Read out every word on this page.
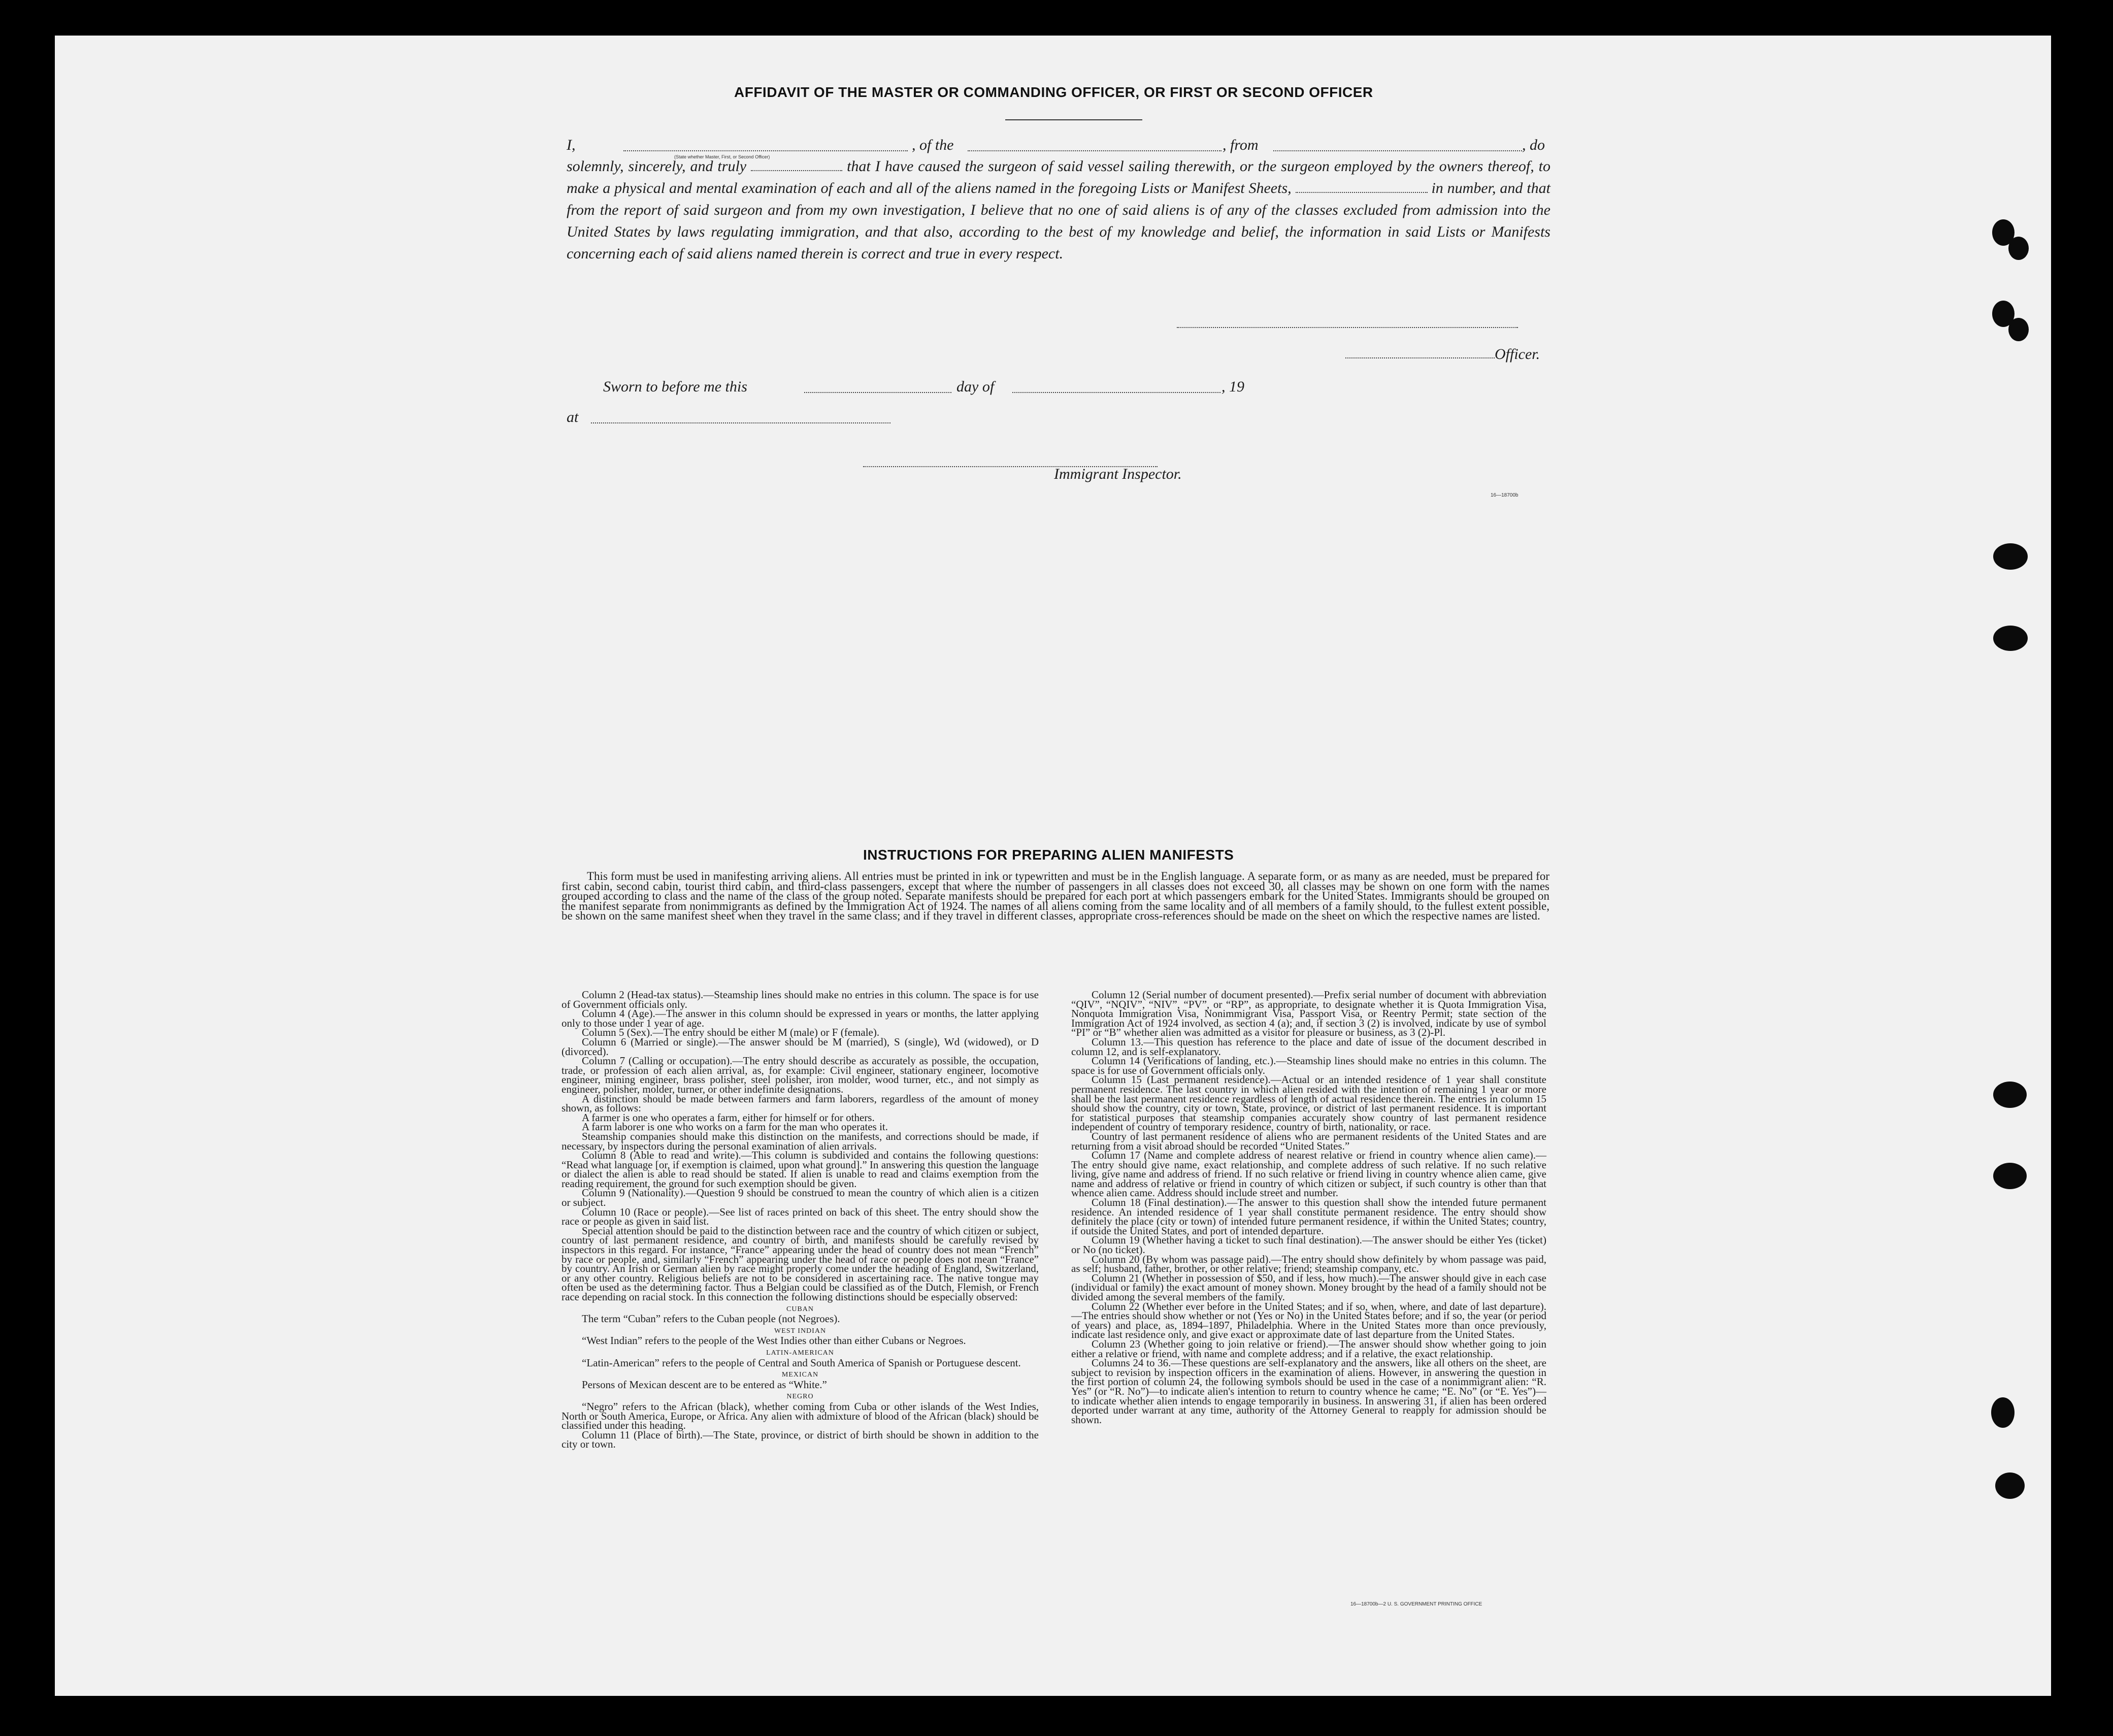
AFFIDAVIT OF THE MASTER OR COMMANDING OFFICER, OR FIRST OR SECOND OFFICER
I,	, of the	, from	, do
(State whether Master, First, or Second Officer)

solemnly, sincerely, and truly	that I have caused the surgeon of said vessel sailing therewith, or the surgeon employed by the owners thereof, to make a physical and mental examination of each and all of the aliens named in the foregoing Lists or Manifest Sheets,	in number, and that from the report of said surgeon and from my own investigation, I believe that no one of said aliens is of any of the classes excluded from admission into the United States by laws regulating immigration, and that also, according to the best of my knowledge and belief, the information in said Lists or Manifests concerning each of said aliens named therein is correct and true in every respect.

Officer.
Sworn to before me this	day of	, 19
at
Immigrant Inspector.
16—18700b
INSTRUCTIONS FOR PREPARING ALIEN MANIFESTS

This form must be used in manifesting arriving aliens. All entries must be printed in ink or typewritten and must be in the English language. A separate form, or as many as are needed, must be prepared for first cabin, second cabin, tourist third cabin, and third-class passengers, except that where the number of passengers in all classes does not exceed 30, all classes may be shown on one form with the names grouped according to class and the name of the class of the group noted. Separate manifests should be prepared for each port at which passengers embark for the United States. Immigrants should be grouped on the manifest separate from nonimmigrants as defined by the Immigration Act of 1924. The names of all aliens coming from the same locality and of all members of a family should, to the fullest extent possible, be shown on the same manifest sheet when they travel in the same class; and if they travel in different classes, appropriate cross-references should be made on the sheet on which the respective names are listed.

Column 2 (Head-tax status).—Steamship lines should make no entries in this column. The space is for use of Government officials only.

Column 4 (Age).—The answer in this column should be expressed in years or months, the latter applying only to those under 1 year of age.

Column 5 (Sex).—The entry should be either M (male) or F (female).

Column 6 (Married or single).—The answer should be M (married), S (single), Wd (widowed), or D (divorced).

Column 7 (Calling or occupation).—The entry should describe as accurately as possible, the occupation, trade, or profession of each alien arrival, as, for example: Civil engineer, stationary engineer, locomotive engineer, mining engineer, brass polisher, steel polisher, iron molder, wood turner, etc., and not simply as engineer, polisher, molder, turner, or other indefinite designations.

A distinction should be made between farmers and farm laborers, regardless of the amount of money shown, as follows:

A farmer is one who operates a farm, either for himself or for others.

A farm laborer is one who works on a farm for the man who operates it.

Steamship companies should make this distinction on the manifests, and corrections should be made, if necessary, by inspectors during the personal examination of alien arrivals.

Column 8 (Able to read and write).—This column is subdivided and contains the following questions: “Read what language [or, if exemption is claimed, upon what ground].” In answering this question the language or dialect the alien is able to read should be stated. If alien is unable to read and claims exemption from the reading requirement, the ground for such exemption should be given.

Column 9 (Nationality).—Question 9 should be construed to mean the country of which alien is a citizen or subject.

Column 10 (Race or people).—See list of races printed on back of this sheet. The entry should show the race or people as given in said list.

Special attention should be paid to the distinction between race and the country of which citizen or subject, country of last permanent residence, and country of birth, and manifests should be carefully revised by inspectors in this regard. For instance, “France” appearing under the head of country does not mean “French” by race or people, and, similarly “French” appearing under the head of race or people does not mean “France” by country. An Irish or German alien by race might properly come under the heading of England, Switzerland, or any other country. Religious beliefs are not to be considered in ascertaining race. The native tongue may often be used as the determining factor. Thus a Belgian could be classified as of the Dutch, Flemish, or French race depending on racial stock. In this connection the following distinctions should be especially observed:

CUBAN

The term “Cuban” refers to the Cuban people (not Negroes).

WEST INDIAN

“West Indian” refers to the people of the West Indies other than either Cubans or Negroes.

LATIN-AMERICAN

“Latin-American” refers to the people of Central and South America of Spanish or Portuguese descent.

MEXICAN

Persons of Mexican descent are to be entered as “White.”

NEGRO

“Negro” refers to the African (black), whether coming from Cuba or other islands of the West Indies, North or South America, Europe, or Africa. Any alien with admixture of blood of the African (black) should be classified under this heading.

Column 11 (Place of birth).—The State, province, or district of birth should be shown in addition to the city or town.

Column 12 (Serial number of document presented).—Prefix serial number of document with abbreviation “QIV”, “NQIV”, “NIV”, “PV”, or “RP”, as appropriate, to designate whether it is Quota Immigration Visa, Nonquota Immigration Visa, Nonimmigrant Visa, Passport Visa, or Reentry Permit; state section of the Immigration Act of 1924 involved, as section 4 (a); and, if section 3 (2) is involved, indicate by use of symbol “PI” or “B” whether alien was admitted as a visitor for pleasure or business, as 3 (2)-Pl.

Column 13.—This question has reference to the place and date of issue of the document described in column 12, and is self-explanatory.

Column 14 (Verifications of landing, etc.).—Steamship lines should make no entries in this column. The space is for use of Government officials only.

Column 15 (Last permanent residence).—Actual or an intended residence of 1 year shall constitute permanent residence. The last country in which alien resided with the intention of remaining 1 year or more shall be the last permanent residence regardless of length of actual residence therein. The entries in column 15 should show the country, city or town, State, province, or district of last permanent residence. It is important for statistical purposes that steamship companies accurately show country of last permanent residence independent of country of temporary residence, country of birth, nationality, or race.

Country of last permanent residence of aliens who are permanent residents of the United States and are returning from a visit abroad should be recorded “United States.”

Column 17 (Name and complete address of nearest relative or friend in country whence alien came).—The entry should give name, exact relationship, and complete address of such relative. If no such relative living, give name and address of friend. If no such relative or friend living in country whence alien came, give name and address of relative or friend in country of which citizen or subject, if such country is other than that whence alien came. Address should include street and number.

Column 18 (Final destination).—The answer to this question shall show the intended future permanent residence. An intended residence of 1 year shall constitute permanent residence. The entry should show definitely the place (city or town) of intended future permanent residence, if within the United States; country, if outside the United States, and port of intended departure.

Column 19 (Whether having a ticket to such final destination).—The answer should be either Yes (ticket) or No (no ticket).

Column 20 (By whom was passage paid).—The entry should show definitely by whom passage was paid, as self; husband, father, brother, or other relative; friend; steamship company, etc.

Column 21 (Whether in possession of $50, and if less, how much).—The answer should give in each case (individual or family) the exact amount of money shown. Money brought by the head of a family should not be divided among the several members of the family.

Column 22 (Whether ever before in the United States; and if so, when, where, and date of last departure).—The entries should show whether or not (Yes or No) in the United States before; and if so, the year (or period of years) and place, as, 1894–1897, Philadelphia. Where in the United States more than once previously, indicate last residence only, and give exact or approximate date of last departure from the United States.

Column 23 (Whether going to join relative or friend).—The answer should show whether going to join either a relative or friend, with name and complete address; and if a relative, the exact relationship.

Columns 24 to 36.—These questions are self-explanatory and the answers, like all others on the sheet, are subject to revision by inspection officers in the examination of aliens. However, in answering the question in the first portion of column 24, the following symbols should be used in the case of a nonimmigrant alien: “R. Yes” (or “R. No”)—to indicate alien's intention to return to country whence he came; “E. No” (or “E. Yes”)—to indicate whether alien intends to engage temporarily in business. In answering 31, if alien has been ordered deported under warrant at any time, authority of the Attorney General to reapply for admission should be shown.

16—18700b—2 U. S. GOVERNMENT PRINTING OFFICE
